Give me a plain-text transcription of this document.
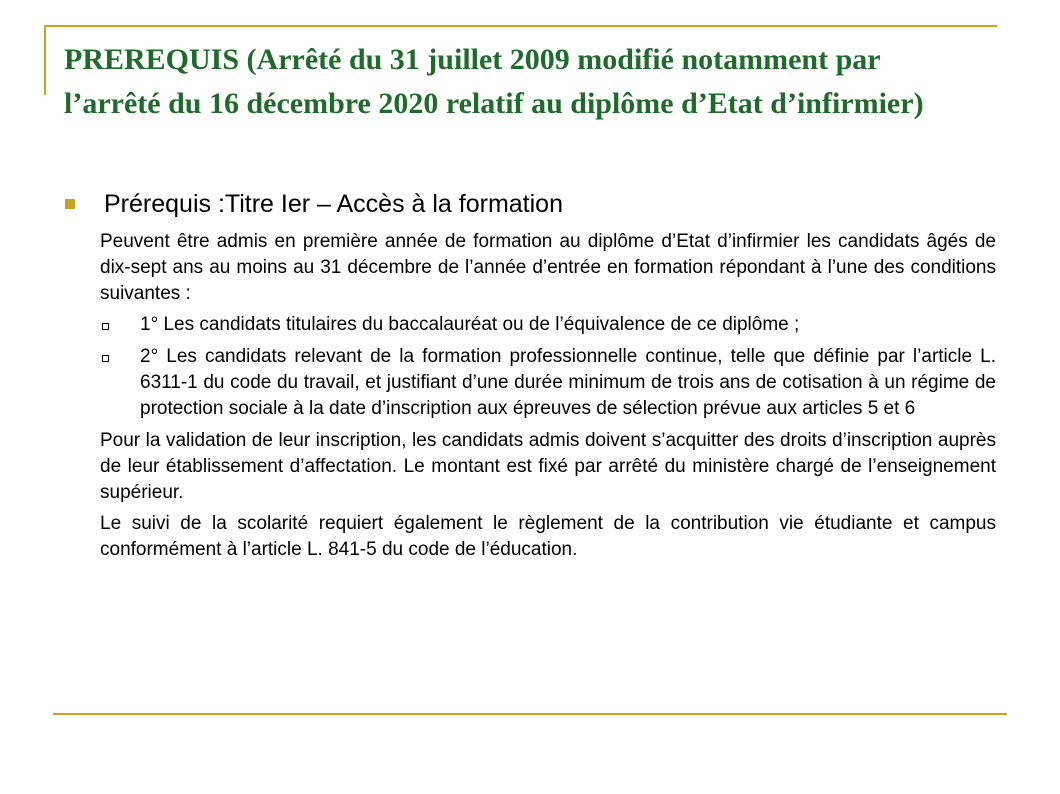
PREREQUIS (Arrêté du 31 juillet 2009 modifié notamment par l’arrêté du 16 décembre 2020 relatif au diplôme d’Etat d’infirmier)
Prérequis :Titre Ier – Accès à la formation

Peuvent être admis en première année de formation au diplôme d’Etat d’infirmier les candidats âgés de dix-sept ans au moins au 31 décembre de l’année d’entrée en formation répondant à l’une des conditions suivantes :

1° Les candidats titulaires du baccalauréat ou de l’équivalence de ce diplôme ;
2° Les candidats relevant de la formation professionnelle continue, telle que définie par l’article L. 6311-1 du code du travail, et justifiant d’une durée minimum de trois ans de cotisation à un régime de protection sociale à la date d’inscription aux épreuves de sélection prévue aux articles 5 et 6

Pour la validation de leur inscription, les candidats admis doivent s’acquitter des droits d’inscription auprès de leur établissement d’affectation. Le montant est fixé par arrêté du ministère chargé de l’enseignement supérieur.

Le suivi de la scolarité requiert également le règlement de la contribution vie étudiante et campus conformément à l’article L. 841-5 du code de l’éducation.
